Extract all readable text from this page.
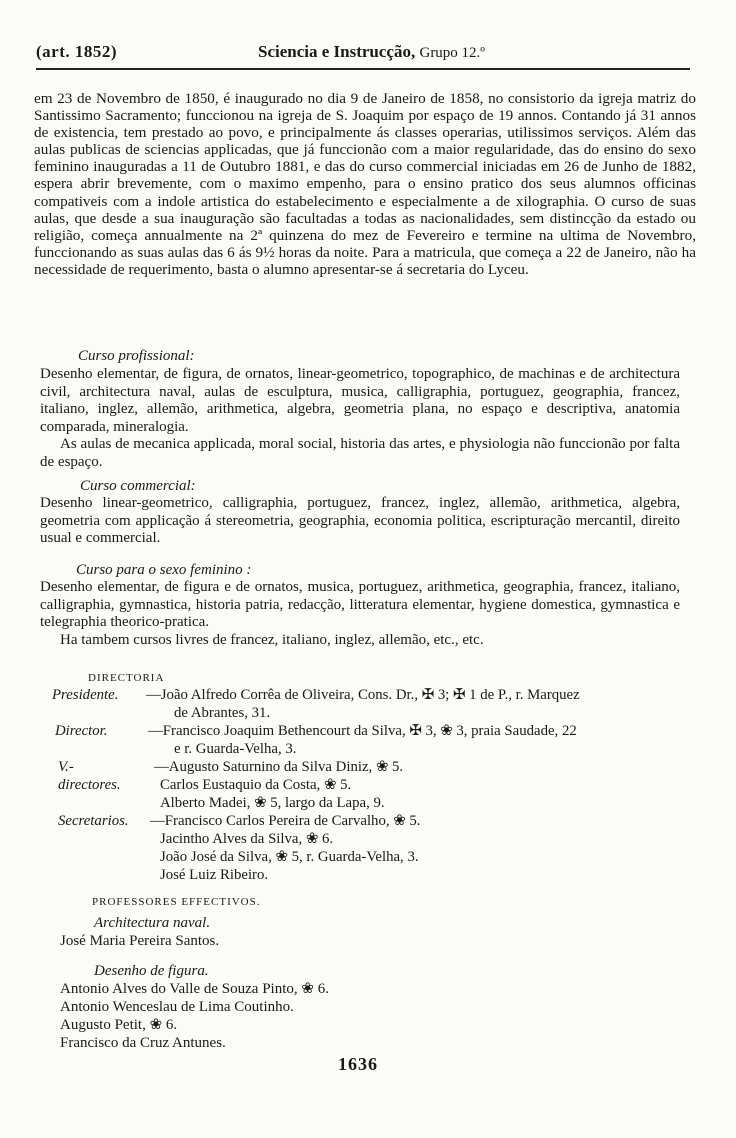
(art. 1852)	Sciencia e Instrucção, Grupo 12.º
em 23 de Novembro de 1850, é inaugurado no dia 9 de Janeiro de 1858, no consistorio da igreja matriz do Santissimo Sacramento; funccionou na igreja de S. Joaquim por espaço de 19 annos. Contando já 31 annos de existencia, tem prestado ao povo, e principalmente ás classes operarias, utilissimos serviços. Além das aulas publicas de sciencias applicadas, que já funccionão com a maior regularidade, das do ensino do sexo feminino inauguradas a 11 de Outubro 1881, e das do curso commercial iniciadas em 26 de Junho de 1882, espera abrir brevemente, com o maximo empenho, para o ensino pratico dos seus alumnos officinas compativeis com a indole artistica do estabelecimento e especialmente a de xilographia. O curso de suas aulas, que desde a sua inauguração são facultadas a todas as nacionalidades, sem distincção da estado ou religião, começa annualmente na 2ª quinzena do mez de Fevereiro e termine na ultima de Novembro, funccionando as suas aulas das 6 ás 9½ horas da noite. Para a matricula, que começa a 22 de Janeiro, não ha necessidade de requerimento, basta o alumno apresentar-se á secretaria do Lyceu.
Curso profissional:
Desenho elementar, de figura, de ornatos, linear-geometrico, topographico, de machinas e de architectura civil, architectura naval, aulas de esculptura, musica, calligraphia, portuguez, geographia, francez, italiano, inglez, allemão, arithmetica, algebra, geometria plana, no espaço e descriptiva, anatomia comparada, mineralogia.
As aulas de mecanica applicada, moral social, historia das artes, e physiologia não funccionão por falta de espaço.
Curso commercial:
Desenho linear-geometrico, calligraphia, portuguez, francez, inglez, allemão, arithmetica, algebra, geometria com applicação á stereometria, geographia, economia politica, escripturação mercantil, direito usual e commercial.
Curso para o sexo feminino :
Desenho elementar, de figura e de ornatos, musica, portuguez, arithmetica, geographia, francez, italiano, calligraphia, gymnastica, historia patria, redacção, litteratura elementar, hygiene domestica, gymnastica e telegraphia theorico-pratica.
Ha tambem cursos livres de francez, italiano, inglez, allemão, etc., etc.
DIRECTORIA
Presidente.	—João Alfredo Corrêa de Oliveira, Cons. Dr., ✠ 3; ✠ 1 de P., r. Marquez
de Abrantes, 31.
Director.	—Francisco Joaquim Bethencourt da Silva, ✠ 3, ❀ 3, praia Saudade, 22
e r. Guarda-Velha, 3.
V.-directores.
—Augusto Saturnino da Silva Diniz, ❀ 5.
Carlos Eustaquio da Costa, ❀ 5.
Alberto Madei, ❀ 5, largo da Lapa, 9.
Secretarios. —Francisco Carlos Pereira de Carvalho, ❀ 5.
Jacintho Alves da Silva, ❀ 6.
João José da Silva, ❀ 5, r. Guarda-Velha, 3.
José Luiz Ribeiro.
PROFESSORES EFFECTIVOS.
Architectura naval.
José Maria Pereira Santos.
Desenho de figura.
Antonio Alves do Valle de Souza Pinto, ❀ 6.
Antonio Wenceslau de Lima Coutinho.
Augusto Petit, ❀ 6.
Francisco da Cruz Antunes.
1636
